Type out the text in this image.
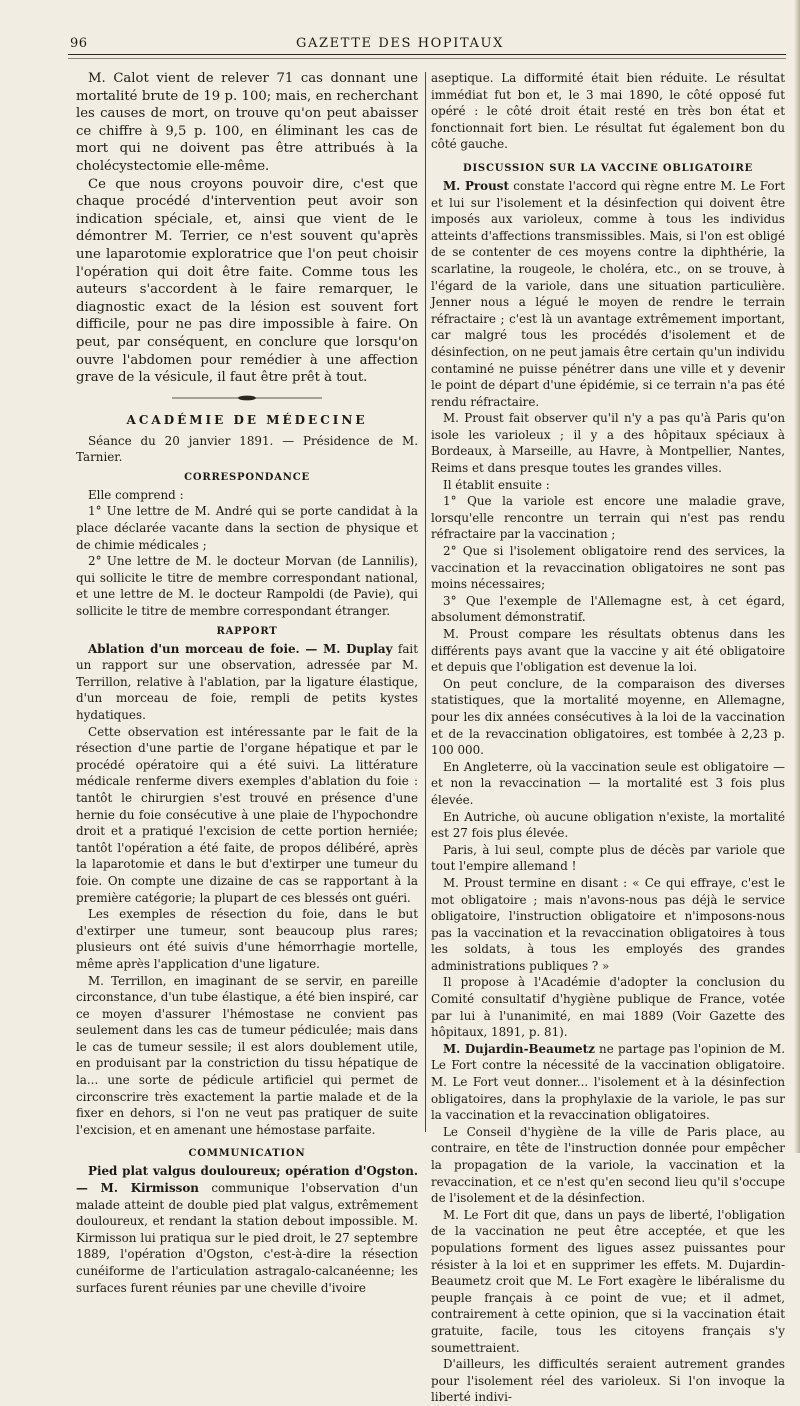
96	GAZETTE DES HOPITAUX

M. Calot vient de relever 71 cas donnant une mortalité brute de 19 p. 100; mais, en recherchant les causes de mort, on trouve qu'on peut abaisser ce chiffre à 9,5 p. 100, en éliminant les cas de mort qui ne doivent pas être attribués à la cholécystectomie elle-même.

Ce que nous croyons pouvoir dire, c'est que chaque procédé d'intervention peut avoir son indication spéciale, et, ainsi que vient de le démontrer M. Terrier, ce n'est souvent qu'après une laparotomie exploratrice que l'on peut choisir l'opération qui doit être faite. Comme tous les auteurs s'accordent à le faire remarquer, le diagnostic exact de la lésion est souvent fort difficile, pour ne pas dire impossible à faire. On peut, par conséquent, en conclure que lorsqu'on ouvre l'abdomen pour remédier à une affection grave de la vésicule, il faut être prêt à tout.

ACADÉMIE DE MÉDECINE

Séance du 20 janvier 1891. — Présidence de M. Tarnier.

CORRESPONDANCE

Elle comprend :

1° Une lettre de M. André qui se porte candidat à la place déclarée vacante dans la section de physique et de chimie médicales ;

2° Une lettre de M. le docteur Morvan (de Lannilis), qui sollicite le titre de membre correspondant national, et une lettre de M. le docteur Rampoldi (de Pavie), qui sollicite le titre de membre correspondant étranger.

RAPPORT

Ablation d'un morceau de foie. — M. Duplay fait un rapport sur une observation, adressée par M. Terrillon, relative à l'ablation, par la ligature élastique, d'un morceau de foie, rempli de petits kystes hydatiques.

Cette observation est intéressante par le fait de la résection d'une partie de l'organe hépatique et par le procédé opératoire qui a été suivi. La littérature médicale renferme divers exemples d'ablation du foie : tantôt le chirurgien s'est trouvé en présence d'une hernie du foie consécutive à une plaie de l'hypochondre droit et a pratiqué l'excision de cette portion herniée; tantôt l'opération a été faite, de propos délibéré, après la laparotomie et dans le but d'extirper une tumeur du foie. On compte une dizaine de cas se rapportant à la première catégorie; la plupart de ces blessés ont guéri.

Les exemples de résection du foie, dans le but d'extirper une tumeur, sont beaucoup plus rares; plusieurs ont été suivis d'une hémorrhagie mortelle, même après l'application d'une ligature.

M. Terrillon, en imaginant de se servir, en pareille circonstance, d'un tube élastique, a été bien inspiré, car ce moyen d'assurer l'hémostase ne convient pas seulement dans les cas de tumeur pédiculée; mais dans le cas de tumeur sessile; il est alors doublement utile, en produisant par la constriction du tissu hépatique de la... une sorte de pédicule artificiel qui permet de circonscrire très exactement la partie malade et de la fixer en dehors, si l'on ne veut pas pratiquer de suite l'excision, et en amenant une hémostase parfaite.

COMMUNICATION

Pied plat valgus douloureux; opération d'Ogston. — M. Kirmisson communique l'observation d'un malade atteint de double pied plat valgus, extrêmement douloureux, et rendant la station debout impossible. M. Kirmisson lui pratiqua sur le pied droit, le 27 septembre 1889, l'opération d'Ogston, c'est-à-dire la résection cunéiforme de l'articulation astragalo-calcanéenne; les surfaces furent réunies par une cheville d'ivoire

aseptique. La difformité était bien réduite. Le résultat immédiat fut bon et, le 3 mai 1890, le côté opposé fut opéré : le côté droit était resté en très bon état et fonctionnait fort bien. Le résultat fut également bon du côté gauche.

DISCUSSION SUR LA VACCINE OBLIGATOIRE

M. Proust constate l'accord qui règne entre M. Le Fort et lui sur l'isolement et la désinfection qui doivent être imposés aux varioleux, comme à tous les individus atteints d'affections transmissibles. Mais, si l'on est obligé de se contenter de ces moyens contre la diphthérie, la scarlatine, la rougeole, le choléra, etc., on se trouve, à l'égard de la variole, dans une situation particulière. Jenner nous a légué le moyen de rendre le terrain réfractaire ; c'est là un avantage extrêmement important, car malgré tous les procédés d'isolement et de désinfection, on ne peut jamais être certain qu'un individu contaminé ne puisse pénétrer dans une ville et y devenir le point de départ d'une épidémie, si ce terrain n'a pas été rendu réfractaire.

M. Proust fait observer qu'il n'y a pas qu'à Paris qu'on isole les varioleux ; il y a des hôpitaux spéciaux à Bordeaux, à Marseille, au Havre, à Montpellier, Nantes, Reims et dans presque toutes les grandes villes.

Il établit ensuite :

1° Que la variole est encore une maladie grave, lorsqu'elle rencontre un terrain qui n'est pas rendu réfractaire par la vaccination ;

2° Que si l'isolement obligatoire rend des services, la vaccination et la revaccination obligatoires ne sont pas moins nécessaires;

3° Que l'exemple de l'Allemagne est, à cet égard, absolument démonstratif.

M. Proust compare les résultats obtenus dans les différents pays avant que la vaccine y ait été obligatoire et depuis que l'obligation est devenue la loi.

On peut conclure, de la comparaison des diverses statistiques, que la mortalité moyenne, en Allemagne, pour les dix années consécutives à la loi de la vaccination et de la revaccination obligatoires, est tombée à 2,23 p. 100 000.

En Angleterre, où la vaccination seule est obligatoire — et non la revaccination — la mortalité est 3 fois plus élevée.

En Autriche, où aucune obligation n'existe, la mortalité est 27 fois plus élevée.

Paris, à lui seul, compte plus de décès par variole que tout l'empire allemand !

M. Proust termine en disant : « Ce qui effraye, c'est le mot obligatoire ; mais n'avons-nous pas déjà le service obligatoire, l'instruction obligatoire et n'imposons-nous pas la vaccination et la revaccination obligatoires à tous les soldats, à tous les employés des grandes administrations publiques ? »

Il propose à l'Académie d'adopter la conclusion du Comité consultatif d'hygiène publique de France, votée par lui à l'unanimité, en mai 1889 (Voir Gazette des hôpitaux, 1891, p. 81).

M. Dujardin-Beaumetz ne partage pas l'opinion de M. Le Fort contre la nécessité de la vaccination obligatoire. M. Le Fort veut donner... l'isolement et à la désinfection obligatoires, dans la prophylaxie de la variole, le pas sur la vaccination et la revaccination obligatoires.

Le Conseil d'hygiène de la ville de Paris place, au contraire, en tête de l'instruction donnée pour empêcher la propagation de la variole, la vaccination et la revaccination, et ce n'est qu'en second lieu qu'il s'occupe de l'isolement et de la désinfection.

M. Le Fort dit que, dans un pays de liberté, l'obligation de la vaccination ne peut être acceptée, et que les populations forment des ligues assez puissantes pour résister à la loi et en supprimer les effets. M. Dujardin-Beaumetz croit que M. Le Fort exagère le libéralisme du peuple français à ce point de vue; et il admet, contrairement à cette opinion, que si la vaccination était gratuite, facile, tous les citoyens français s'y soumettraient.

D'ailleurs, les difficultés seraient autrement grandes pour l'isolement réel des varioleux. Si l'on invoque la liberté indivi-
